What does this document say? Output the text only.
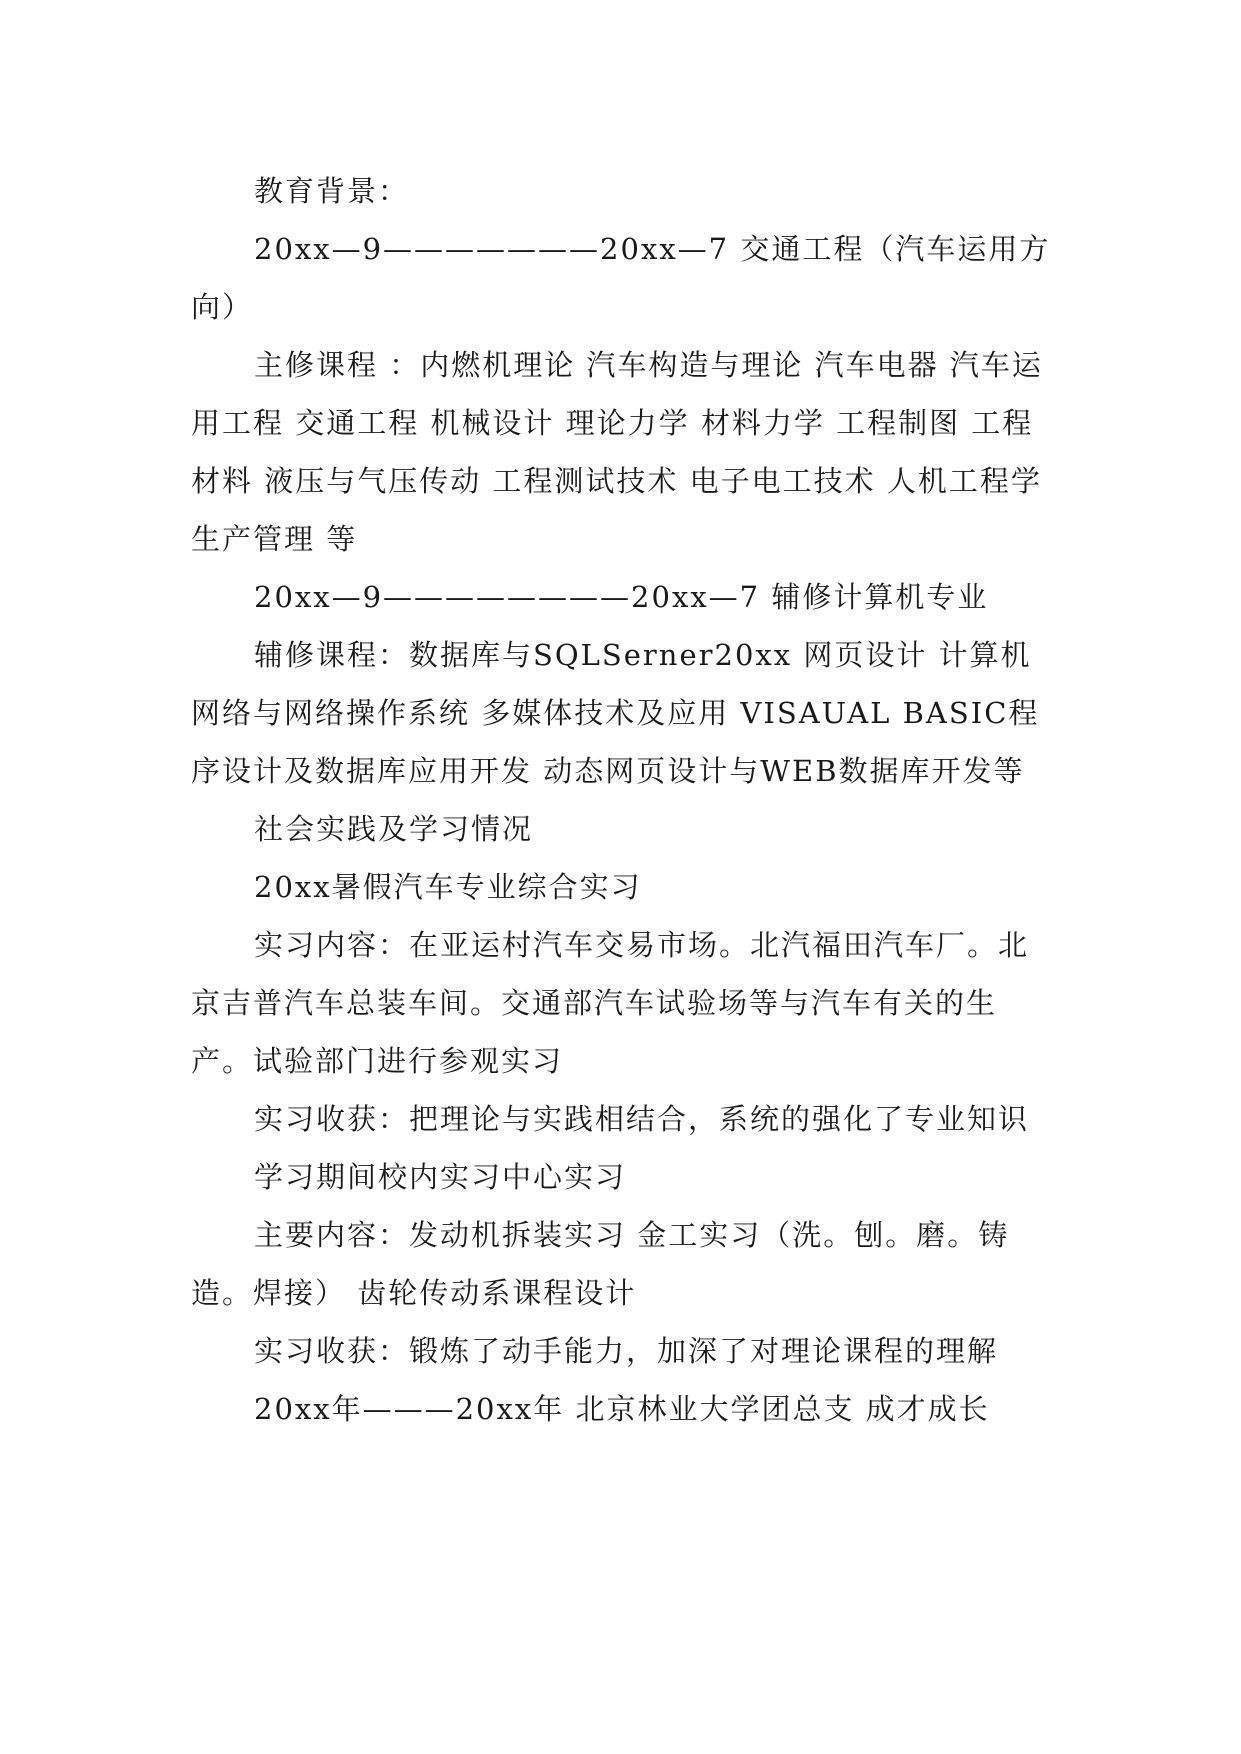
教育背景：

20xx—9———————20xx—7 交通工程（汽车运用方向）

主修课程 ：内燃机理论 汽车构造与理论 汽车电器 汽车运用工程 交通工程 机械设计 理论力学 材料力学 工程制图 工程材料 液压与气压传动 工程测试技术 电子电工技术 人机工程学 生产管理 等

20xx—9————————20xx—7 辅修计算机专业

辅修课程：数据库与SQLSerner20xx 网页设计 计算机网络与网络操作系统 多媒体技术及应用 VISAUAL BASIC程序设计及数据库应用开发 动态网页设计与WEB数据库开发等

社会实践及学习情况

20xx暑假汽车专业综合实习

实习内容：在亚运村汽车交易市场。北汽福田汽车厂。北京吉普汽车总装车间。交通部汽车试验场等与汽车有关的生产。试验部门进行参观实习

实习收获：把理论与实践相结合，系统的强化了专业知识

学习期间校内实习中心实习

主要内容：发动机拆装实习 金工实习（洗。刨。磨。铸造。焊接） 齿轮传动系课程设计

实习收获：锻炼了动手能力，加深了对理论课程的理解

20xx年———20xx年 北京林业大学团总支 成才成长
